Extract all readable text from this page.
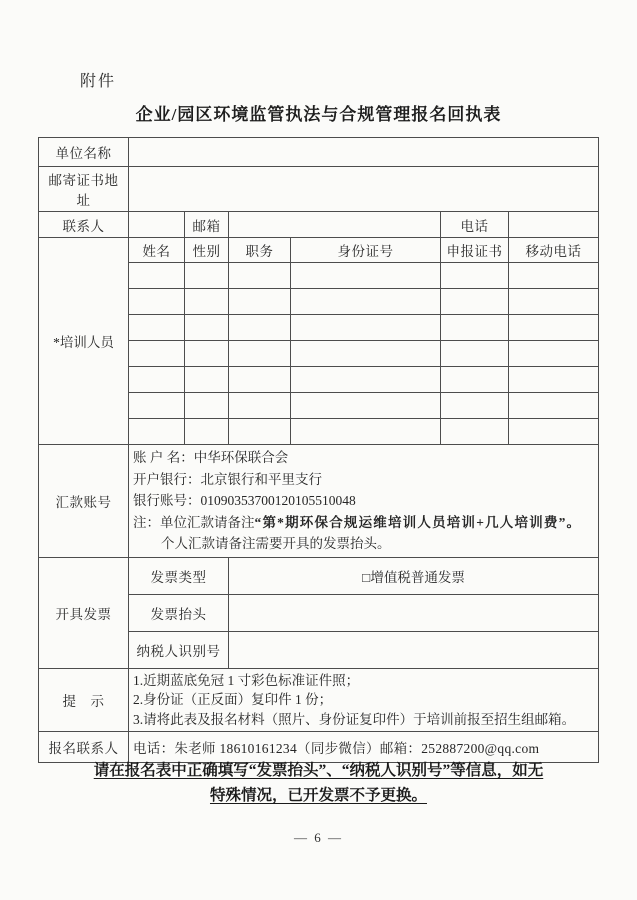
附件
企业/园区环境监管执法与合规管理报名回执表
单位名称						
邮寄证书地址						
联系人		邮箱			电话	
*培训人员	姓名	性别	职务	身份证号	申报证书	移动电话

汇款账号	账 户 名：中华环保联合会
开户银行：北京银行和平里支行
银行账号：01090353700120105510048
注：单位汇款请备注“第*期环保合规运维培训人员培训+几人培训费”。
个人汇款请备注需要开具的发票抬头。					

开具发票	发票类型		□增值税普通发票			
	发票抬头					
	纳税人识别号					
提　示	1.近期蓝底免冠 1 寸彩色标准证件照；
2.身份证（正反面）复印件 1 份；
3.请将此表及报名材料（照片、身份证复印件）于培训前报至招生组邮箱。					

报名联系人	电话：朱老师 18610161234（同步微信）邮箱：252887200@qq.com					
请在报名表中正确填写“发票抬头”、“纳税人识别号”等信息，如无
特殊情况，已开发票不予更换。
— 6 —
